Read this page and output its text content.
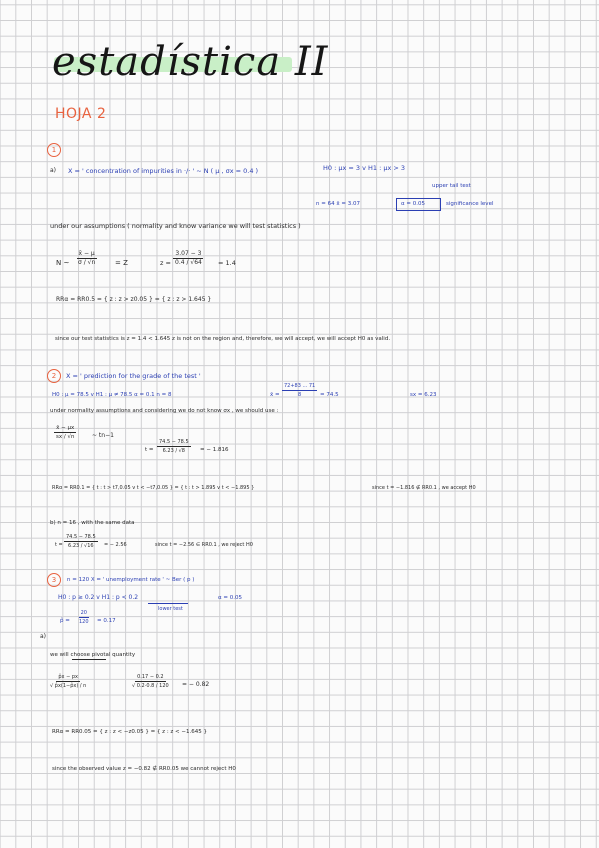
estadística II
HOJA 2
1
a) X = ' concentration of impurities in ·/· ' ~ N ( μ , σx = 0.4 )	H0 : μx = 3 v H1 : μx > 3
upper tail test
n = 64 x̄ = 3.07	α = 0.05	significance level
under our assumptions ( normality and know variance we will test statistics )
N ~ $\frac{x̄ - \mu}{\sigma / √n}$	= Z	$z = \frac{3.07 - 3}{0.4 / √64} = 1.4$
RRα = RR0.5 = { z : z > z0.05 } = { z : z > 1.645 }
since our test statistics is z = 1.4 < 1.645 z is not on the region and, therefore, we will accept, we will accept H0 as valid.
2	X = ' prediction for the grade of the test '
H0 : μ = 78.5 v H1 : μ ≠ 78.5 α = 0.1 n = 8	x̄ = $\frac{72+83 ... 71}{8} = 74.5$	sx = 6.23
under normality assumptions and considering we do not know σx , we should use :
$\frac{x̄ - \mu x}{sx / √n}$	~ tn−1
$t = \frac{74.5 - 78.5}{6.23 / √8}$ = − 1.816
RRα = RR0.1 = { t : t > t7,0.05 v t < −t7,0.05 } = { t : t > 1.895 v t < −1.895 }	since t = −1.816 ∉ RR0.1 , we accept H0
b) n = 16 , with the same data
$t = \frac{74.5 - 78.5}{6.23 / √16}$ = − 2.56	since t = −2.56 ∈ RR0.1 , we reject H0
3	n = 120 X = ' unemployment rate ' ~ Ber ( p )
H0 : p ≥ 0.2 v H1 : p < 0.2
lower test
α = 0.05
p̂ = $\frac{20}{120} = 0.17$
a)
we will choose pivotal quantity
$\frac{p̂x - px}{√ p̂x(1-p̂x) / n}$	$\frac{0.17 - 0.2}{√ 0.2\cdot 0.8 / 120}$ = − 0.82
RRα = RR0.05 = { z : z < −z0.05 } = { z : z < −1.645 }
since the observed value z = −0.82 ∉ RR0.05 we cannot reject H0
